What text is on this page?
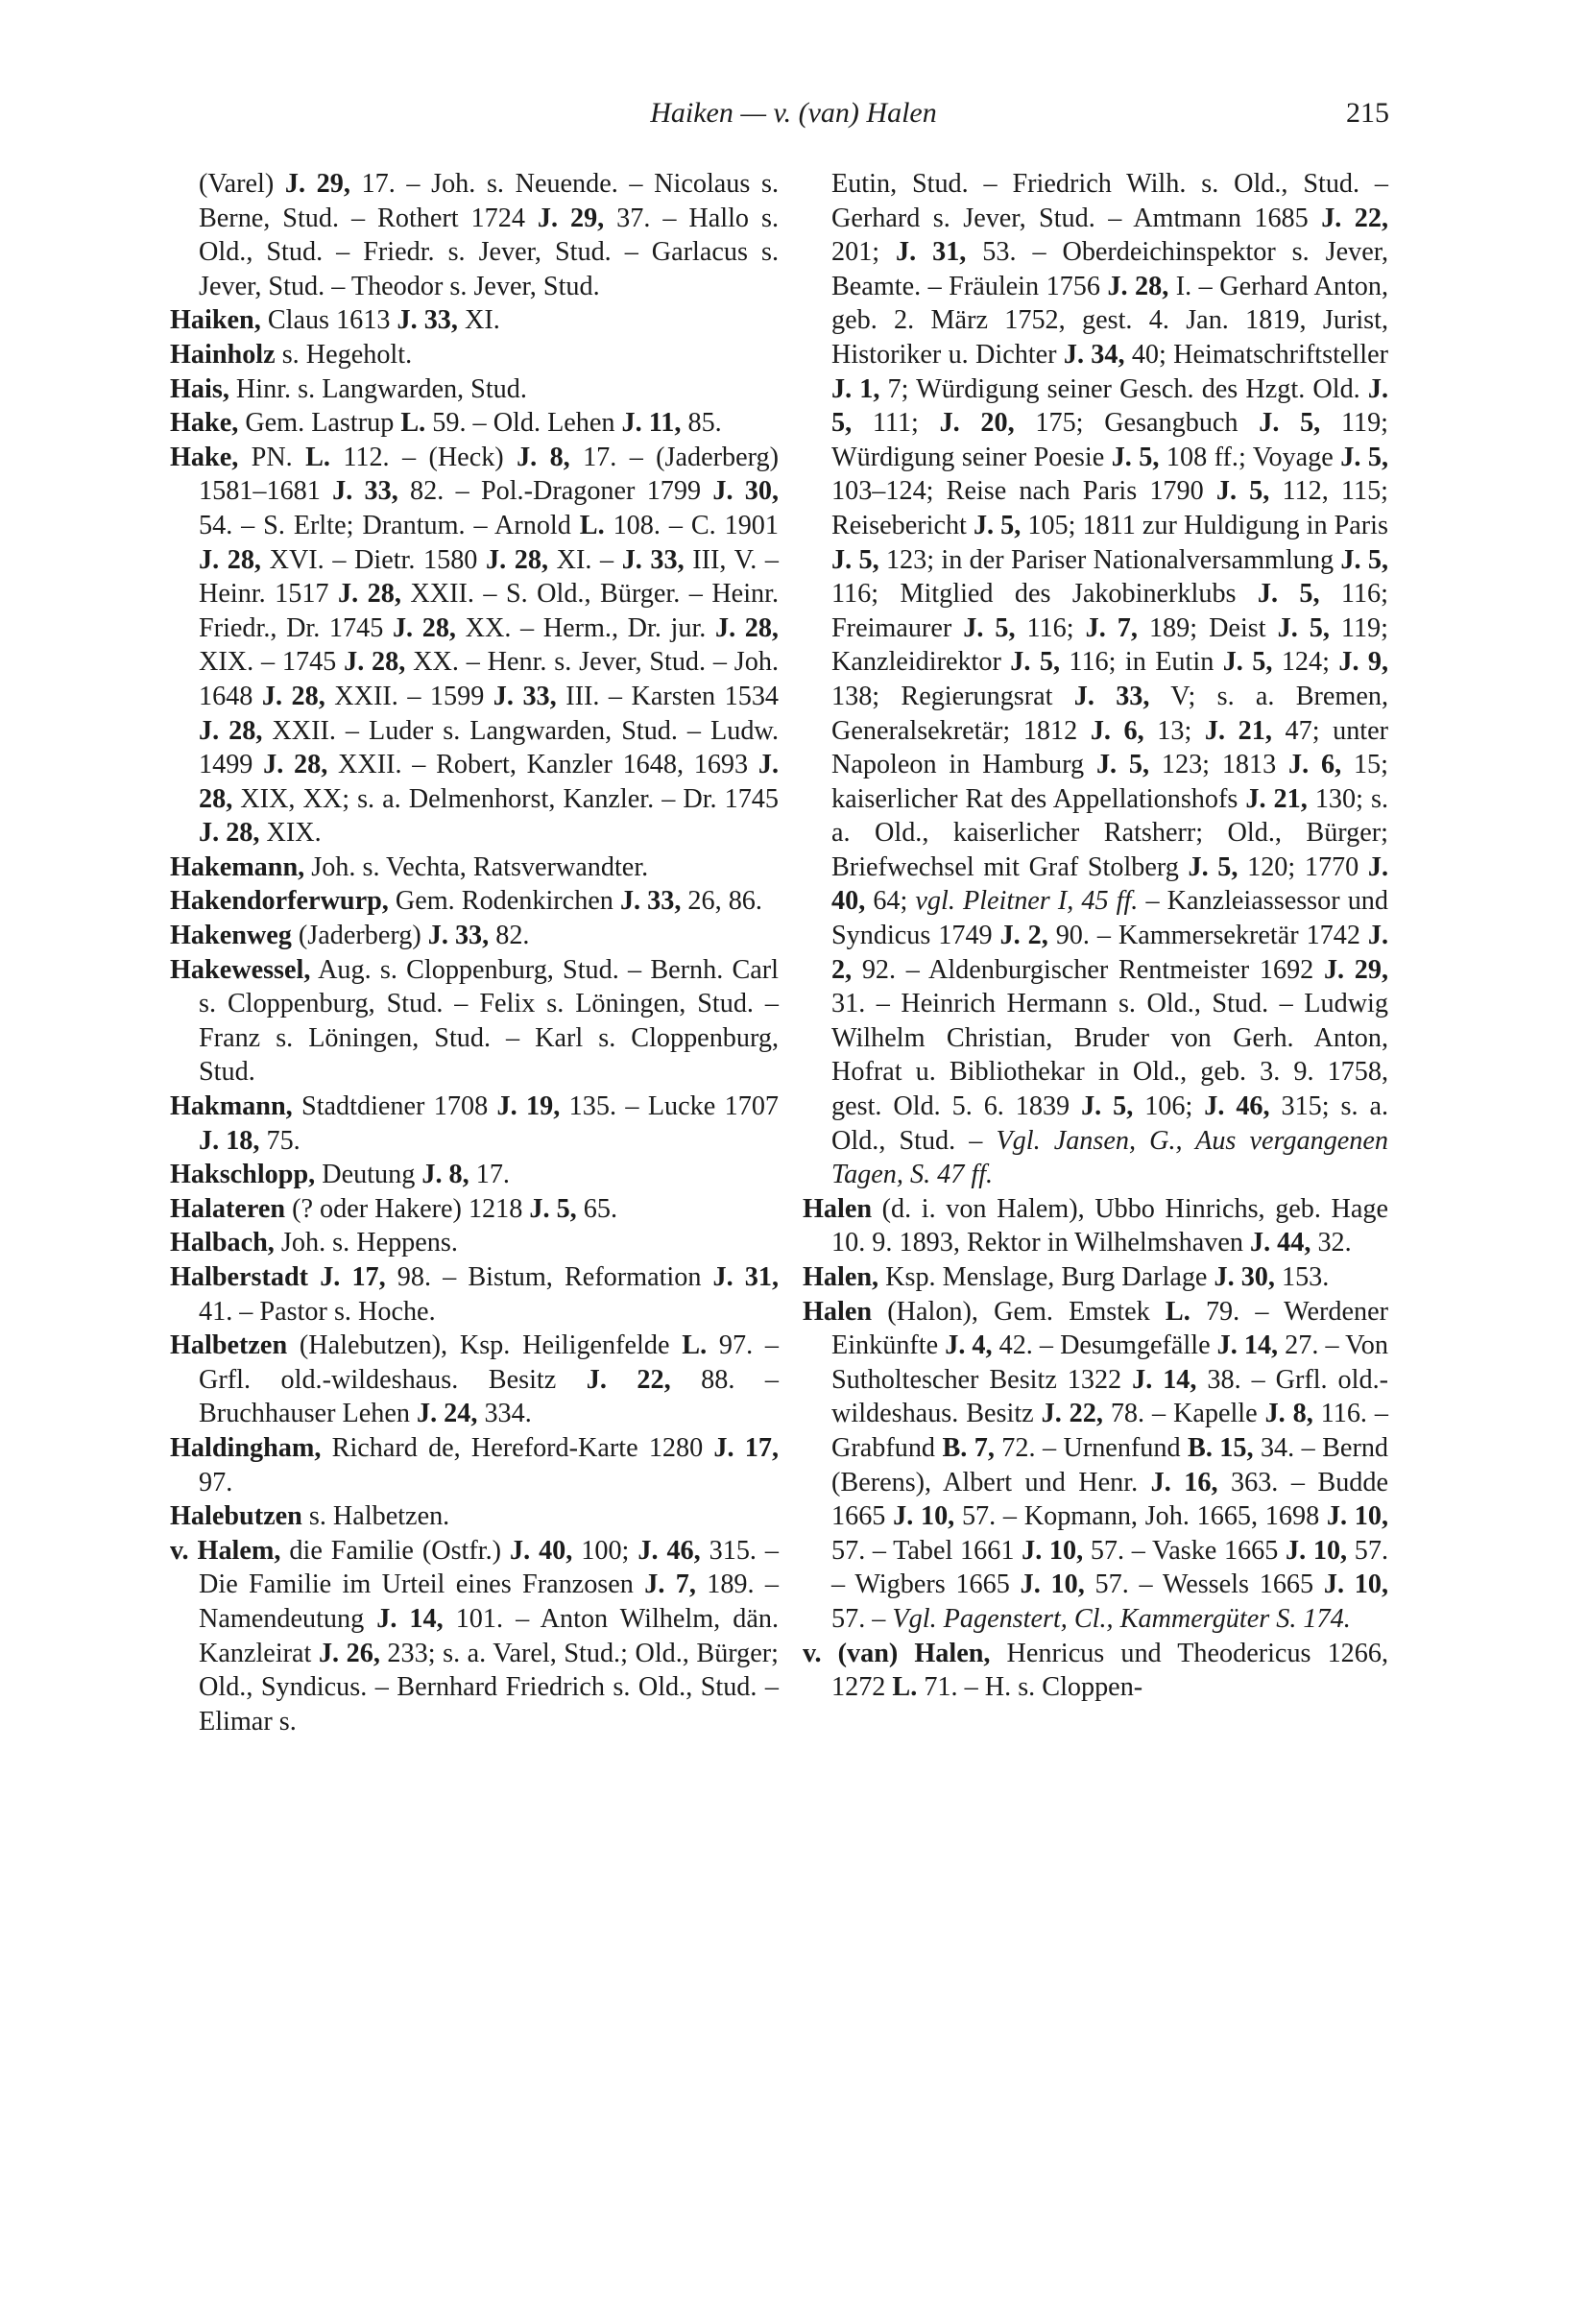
Haiken — v. (van) Halen	215

(Varel) J. 29, 17. – Joh. s. Neuende. – Nicolaus s. Berne, Stud. – Rothert 1724 J. 29, 37. – Hallo s. Old., Stud. – Friedr. s. Jever, Stud. – Garlacus s. Jever, Stud. – Theodor s. Jever, Stud.

Haiken, Claus 1613 J. 33, XI.

Hainholz s. Hegeholt.

Hais, Hinr. s. Langwarden, Stud.

Hake, Gem. Lastrup L. 59. – Old. Lehen J. 11, 85.

Hake, PN. L. 112. – (Heck) J. 8, 17. – (Jaderberg) 1581–1681 J. 33, 82. – Pol.-Dragoner 1799 J. 30, 54. – S. Erlte; Drantum. – Arnold L. 108. – C. 1901 J. 28, XVI. – Dietr. 1580 J. 28, XI. – J. 33, III, V. – Heinr. 1517 J. 28, XXII. – S. Old., Bürger. – Heinr. Friedr., Dr. 1745 J. 28, XX. – Herm., Dr. jur. J. 28, XIX. – 1745 J. 28, XX. – Henr. s. Jever, Stud. – Joh. 1648 J. 28, XXII. – 1599 J. 33, III. – Karsten 1534 J. 28, XXII. – Luder s. Langwarden, Stud. – Ludw. 1499 J. 28, XXII. – Robert, Kanzler 1648, 1693 J. 28, XIX, XX; s. a. Delmenhorst, Kanzler. – Dr. 1745 J. 28, XIX.

Hakemann, Joh. s. Vechta, Ratsverwandter.

Hakendorferwurp, Gem. Rodenkirchen J. 33, 26, 86.

Hakenweg (Jaderberg) J. 33, 82.

Hakewessel, Aug. s. Cloppenburg, Stud. – Bernh. Carl s. Cloppenburg, Stud. – Felix s. Löningen, Stud. – Franz s. Löningen, Stud. – Karl s. Cloppenburg, Stud.

Hakmann, Stadtdiener 1708 J. 19, 135. – Lucke 1707 J. 18, 75.

Hakschlopp, Deutung J. 8, 17.

Halateren (? oder Hakere) 1218 J. 5, 65.

Halbach, Joh. s. Heppens.

Halberstadt J. 17, 98. – Bistum, Reformation J. 31, 41. – Pastor s. Hoche.

Halbetzen (Halebutzen), Ksp. Heiligenfelde L. 97. – Grfl. old.-wildeshaus. Besitz J. 22, 88. – Bruchhauser Lehen J. 24, 334.

Haldingham, Richard de, Hereford-Karte 1280 J. 17, 97.

Halebutzen s. Halbetzen.

v. Halem, die Familie (Ostfr.) J. 40, 100; J. 46, 315. – Die Familie im Urteil eines Franzosen J. 7, 189. – Namendeutung J. 14, 101. – Anton Wilhelm, dän. Kanzleirat J. 26, 233; s. a. Varel, Stud.; Old., Bürger; Old., Syndicus. – Bernhard Friedrich s. Old., Stud. – Elimar s.

Eutin, Stud. – Friedrich Wilh. s. Old., Stud. – Gerhard s. Jever, Stud. – Amtmann 1685 J. 22, 201; J. 31, 53. – Oberdeichinspektor s. Jever, Beamte. – Fräulein 1756 J. 28, I. – Gerhard Anton, geb. 2. März 1752, gest. 4. Jan. 1819, Jurist, Historiker u. Dichter J. 34, 40; Heimatschriftsteller J. 1, 7; Würdigung seiner Gesch. des Hzgt. Old. J. 5, 111; J. 20, 175; Gesangbuch J. 5, 119; Würdigung seiner Poesie J. 5, 108 ff.; Voyage J. 5, 103–124; Reise nach Paris 1790 J. 5, 112, 115; Reisebericht J. 5, 105; 1811 zur Huldigung in Paris J. 5, 123; in der Pariser Nationalversammlung J. 5, 116; Mitglied des Jakobinerklubs J. 5, 116; Freimaurer J. 5, 116; J. 7, 189; Deist J. 5, 119; Kanzleidirektor J. 5, 116; in Eutin J. 5, 124; J. 9, 138; Regierungsrat J. 33, V; s. a. Bremen, Generalsekretär; 1812 J. 6, 13; J. 21, 47; unter Napoleon in Hamburg J. 5, 123; 1813 J. 6, 15; kaiserlicher Rat des Appellationshofs J. 21, 130; s. a. Old., kaiserlicher Ratsherr; Old., Bürger; Briefwechsel mit Graf Stolberg J. 5, 120; 1770 J. 40, 64; vgl. Pleitner I, 45 ff. – Kanzleiassessor und Syndicus 1749 J. 2, 90. – Kammersekretär 1742 J. 2, 92. – Aldenburgischer Rentmeister 1692 J. 29, 31. – Heinrich Hermann s. Old., Stud. – Ludwig Wilhelm Christian, Bruder von Gerh. Anton, Hofrat u. Bibliothekar in Old., geb. 3. 9. 1758, gest. Old. 5. 6. 1839 J. 5, 106; J. 46, 315; s. a. Old., Stud. – Vgl. Jansen, G., Aus vergangenen Tagen, S. 47 ff.

Halen (d. i. von Halem), Ubbo Hinrichs, geb. Hage 10. 9. 1893, Rektor in Wilhelmshaven J. 44, 32.

Halen, Ksp. Menslage, Burg Darlage J. 30, 153.

Halen (Halon), Gem. Emstek L. 79. – Werdener Einkünfte J. 4, 42. – Desumgefälle J. 14, 27. – Von Sutholtescher Besitz 1322 J. 14, 38. – Grfl. old.-wildeshaus. Besitz J. 22, 78. – Kapelle J. 8, 116. – Grabfund B. 7, 72. – Urnenfund B. 15, 34. – Bernd (Berens), Albert und Henr. J. 16, 363. – Budde 1665 J. 10, 57. – Kopmann, Joh. 1665, 1698 J. 10, 57. – Tabel 1661 J. 10, 57. – Vaske 1665 J. 10, 57. – Wigbers 1665 J. 10, 57. – Wessels 1665 J. 10, 57. – Vgl. Pagenstert, Cl., Kammergüter S. 174.

v. (van) Halen, Henricus und Theodericus 1266, 1272 L. 71. – H. s. Cloppen-
